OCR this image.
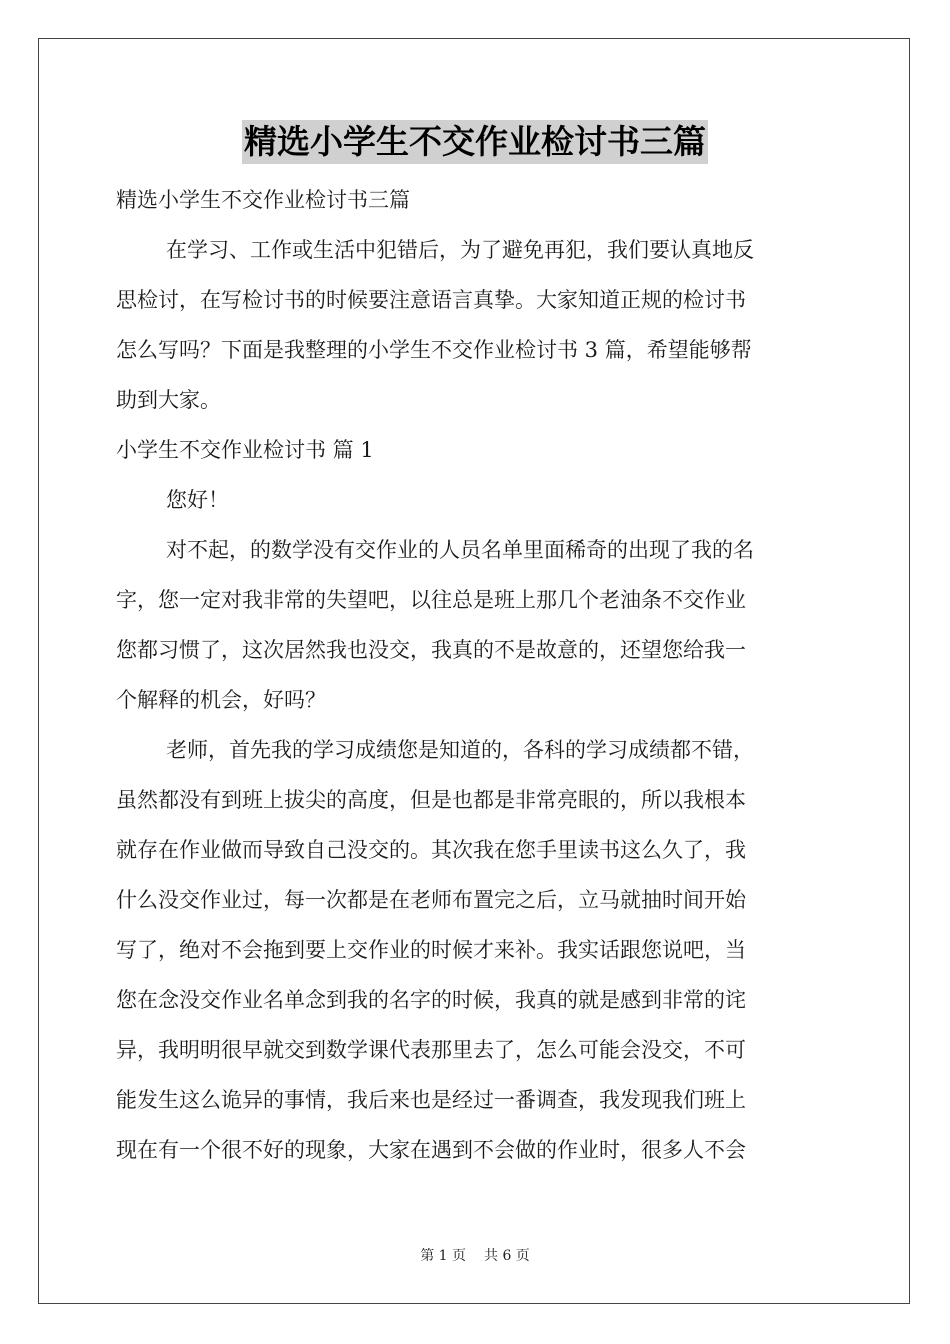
精选小学生不交作业检讨书三篇

精选小学生不交作业检讨书三篇

在学习、工作或生活中犯错后，为了避免再犯，我们要认真地反

思检讨，在写检讨书的时候要注意语言真挚。大家知道正规的检讨书

怎么写吗？下面是我整理的小学生不交作业检讨书 3 篇，希望能够帮

助到大家。

小学生不交作业检讨书 篇 1

您好！

对不起，的数学没有交作业的人员名单里面稀奇的出现了我的名

字，您一定对我非常的失望吧，以往总是班上那几个老油条不交作业

您都习惯了，这次居然我也没交，我真的不是故意的，还望您给我一

个解释的机会，好吗？

老师，首先我的学习成绩您是知道的，各科的学习成绩都不错，

虽然都没有到班上拔尖的高度，但是也都是非常亮眼的，所以我根本

就存在作业做而导致自己没交的。其次我在您手里读书这么久了，我

什么没交作业过，每一次都是在老师布置完之后，立马就抽时间开始

写了，绝对不会拖到要上交作业的时候才来补。我实话跟您说吧，当

您在念没交作业名单念到我的名字的时候，我真的就是感到非常的诧

异，我明明很早就交到数学课代表那里去了，怎么可能会没交，不可

能发生这么诡异的事情，我后来也是经过一番调查，我发现我们班上

现在有一个很不好的现象，大家在遇到不会做的作业时，很多人不会

第 1 页 共 6 页
